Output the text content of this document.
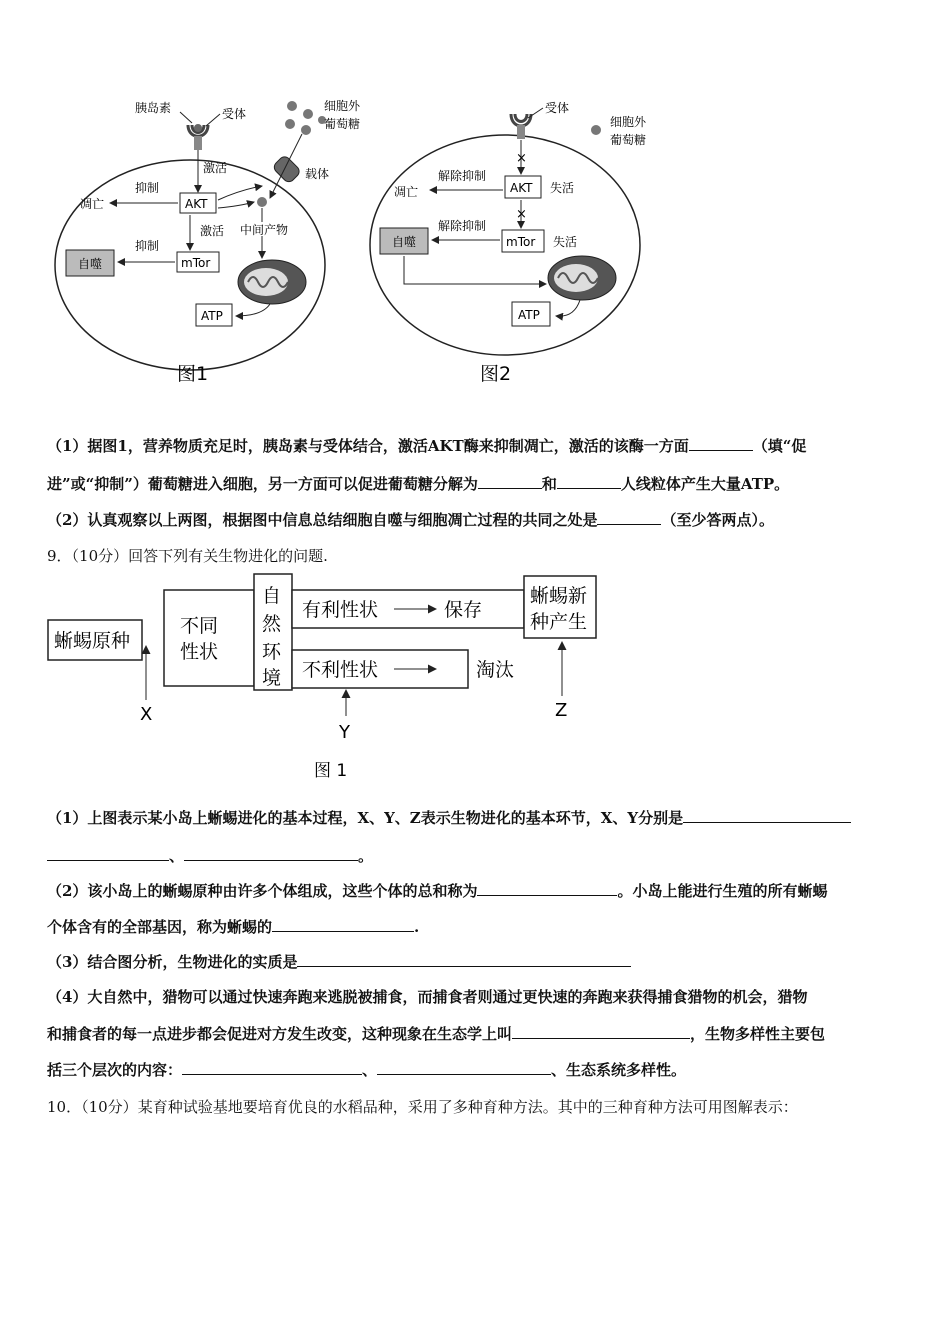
胰岛素	受体
细胞外
葡萄糖
载体
激活
AKT
抑制
凋亡
中间产物
激活
mTor
抑制
自噬
ATP
图1
受体
细胞外
葡萄糖
×
AKT 失活
解除抑制
凋亡
×
mTor 失活
解除抑制
自噬
ATP
图2
（1）据图1，营养物质充足时，胰岛素与受体结合，激活AKT酶来抑制凋亡，激活的该酶一方面	（填“促
进”或“抑制”）葡萄糖进入细胞，另一方面可以促进葡萄糖分解为	和	人线粒体产生大量ATP。
（2）认真观察以上两图，根据图中信息总结细胞自噬与细胞凋亡过程的共同之处是	（至少答两点）。
9．（10分）回答下列有关生物进化的问题.
蜥蜴原种
不同
性状
自
然
环
境
有利性状	保存
蜥蜴新
种产生
不利性状	淘汰
X
Y
Z
图 1
（1）上图表示某小岛上蜥蜴进化的基本过程，X、Y、Z表示生物进化的基本环节，X、Y分别是
、	。
（2）该小岛上的蜥蜴原种由许多个体组成，这些个体的总和称为	。小岛上能进行生殖的所有蜥蜴
个体含有的全部基因，称为蜥蜴的	.
（3）结合图分析，生物进化的实质是
（4）大自然中，猎物可以通过快速奔跑来逃脱被捕食，而捕食者则通过更快速的奔跑来获得捕食猎物的机会，猎物
和捕食者的每一点进步都会促进对方发生改变，这种现象在生态学上叫	，生物多样性主要包
括三个层次的内容：	、	、生态系统多样性。
10．（10分）某育种试验基地要培育优良的水稻品种，采用了多种育种方法。其中的三种育种方法可用图解表示：
